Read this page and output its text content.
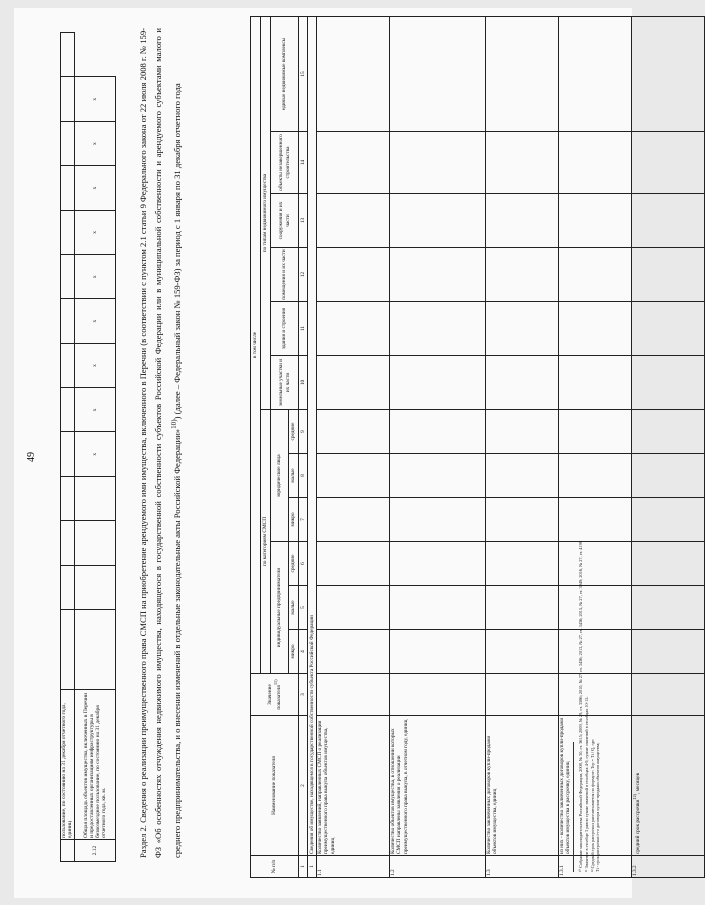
49
	пользование, по состоянию на 31 декабря отчетного года, единиц														
2.12	Общая площадь объектов имущества, включенных в Перечни и предоставленных организациям инфраструктуры в безвозмездное пользование, по состоянию на 31 декабря отчетного года, кв. м.					х	х	х	х	х	х	х	х	х		Раздел 2. Сведения о реализации преимущественного права СМСП на приобретение арендуемого ими имущества, включенного в Перечни (в соответствии с пунктом 2.1 статьи 9 Федерального закона от 22 июля 2008 г. № 159-ФЗ «Об особенностях отчуждения недвижимого имущества, находящегося в государственной собственности субъектов Российской Федерации или в муниципальной собственности и арендуемого субъектами малого и среднего предпринимательства, и о внесении изменений в отдельные законодательные акты Российской Федерации»$^{10)}$) (далее – Федеральный закон № 159-ФЗ) за период с 1 января по 31 декабря отчетного года
№ п/п	Наименование показателя	Значение показателя$^{11)}$	в том числе											
			по категориям СМСП						по типам недвижимого имущества					
			индивидуальные предприниматели			юридические лица			земельные участки и их части	здания и строения	помещения и их части	сооружения и их части	объекты незавершенного строительства	единые недвижимые комплексы
			микро	малые	средние	микро	малые	средние						
1	2	3	4	5	6	7	8	9	10	11	12	13	14	15
1	Сведения об имуществе, находящемся в государственной собственности субъекта Российской Федерации													
1.1	Количество заявлений, направленных СМСП о реализации преимущественного права выкупа объектов имущества, единиц													
1.2	Количество объектов имущества, в отношении которых СМСП направлены заявления о реализации преимущественного права выкупа, в отчетном году, единиц													
1.3	Количество заключенных договоров купли-продажи объектов имущества, единиц													
1.3.1	из них - количество заключенных договоров купли-продажи объектов имущества в рассрочку, единиц													
1.3.2	средний срок рассрочки$^{12)}$, месяцев													
¹⁰ Собрание законодательства Российской Федерации, 2008, № 30, ст. 3615; 2009, № 29, ст. 3586; 2010, № 27, ст. 3436; 2013, № 27, ст. 3436; 2015, № 27, ст. 3949; 2016, № 27, ст. 4198 ¹¹ Значение в столбце 3 равно сумме значений в столбцах 4-9, сумме значений в столбцах 10-15. ¹² Средний срок рассрочки рассчитывается по формуле: Тср = Тi / Q, где: Тi - срок рассрочки i-го договора купли-продажи объектов имущества;
